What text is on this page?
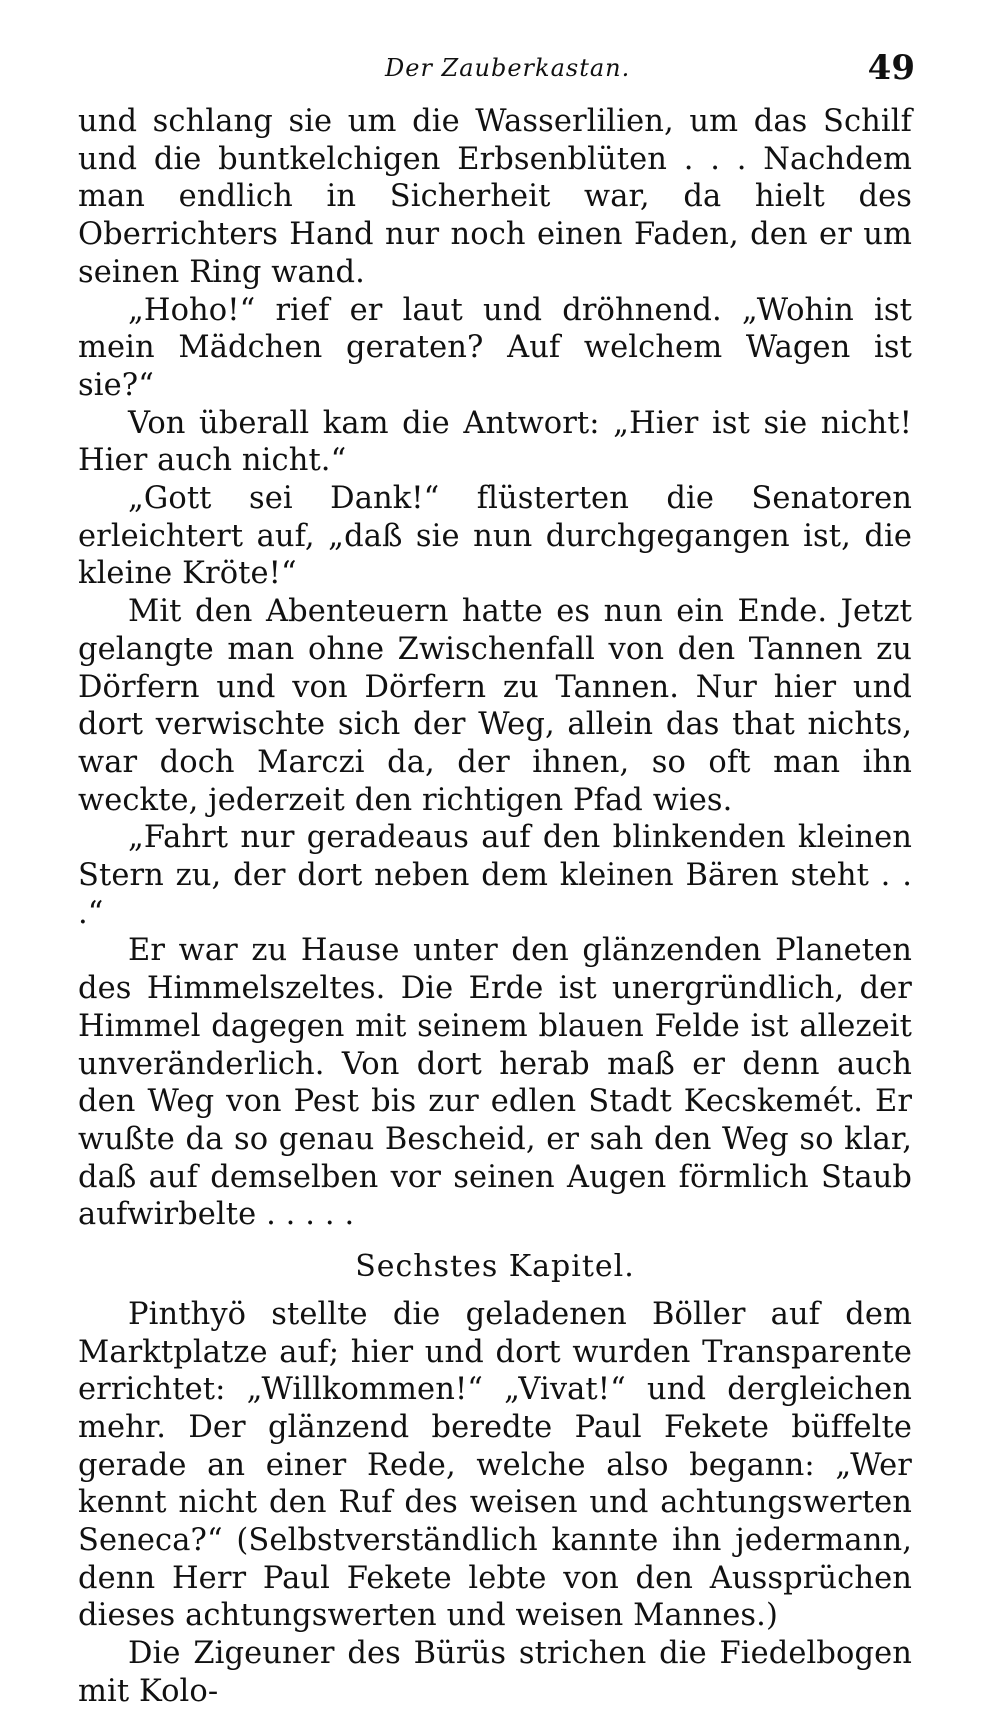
Der Zauberkastan.	49

und schlang sie um die Wasserlilien, um das Schilf und die buntkelchigen Erbsenblüten . . . Nachdem man endlich in Sicherheit war, da hielt des Oberrichters Hand nur noch einen Faden, den er um seinen Ring wand.

„Hoho!“ rief er laut und dröhnend. „Wohin ist mein Mädchen geraten? Auf welchem Wagen ist sie?“

Von überall kam die Antwort: „Hier ist sie nicht! Hier auch nicht.“

„Gott sei Dank!“ flüsterten die Senatoren erleichtert auf, „daß sie nun durchgegangen ist, die kleine Kröte!“

Mit den Abenteuern hatte es nun ein Ende. Jetzt gelangte man ohne Zwischenfall von den Tannen zu Dörfern und von Dörfern zu Tannen. Nur hier und dort verwischte sich der Weg, allein das that nichts, war doch Marczi da, der ihnen, so oft man ihn weckte, jederzeit den richtigen Pfad wies.

„Fahrt nur geradeaus auf den blinkenden kleinen Stern zu, der dort neben dem kleinen Bären steht . . .“

Er war zu Hause unter den glänzenden Planeten des Himmelszeltes. Die Erde ist unergründlich, der Himmel dagegen mit seinem blauen Felde ist allezeit unveränderlich. Von dort herab maß er denn auch den Weg von Pest bis zur edlen Stadt Kecskemét. Er wußte da so genau Bescheid, er sah den Weg so klar, daß auf demselben vor seinen Augen förmlich Staub aufwirbelte . . . . .

Sechstes Kapitel.

Pinthyö stellte die geladenen Böller auf dem Marktplatze auf; hier und dort wurden Transparente errichtet: „Willkommen!“ „Vivat!“ und dergleichen mehr. Der glänzend beredte Paul Fekete büffelte gerade an einer Rede, welche also begann: „Wer kennt nicht den Ruf des weisen und achtungswerten Seneca?“ (Selbstverständlich kannte ihn jedermann, denn Herr Paul Fekete lebte von den Aussprüchen dieses achtungswerten und weisen Mannes.)

Die Zigeuner des Bürüs strichen die Fiedelbogen mit Kolo-
